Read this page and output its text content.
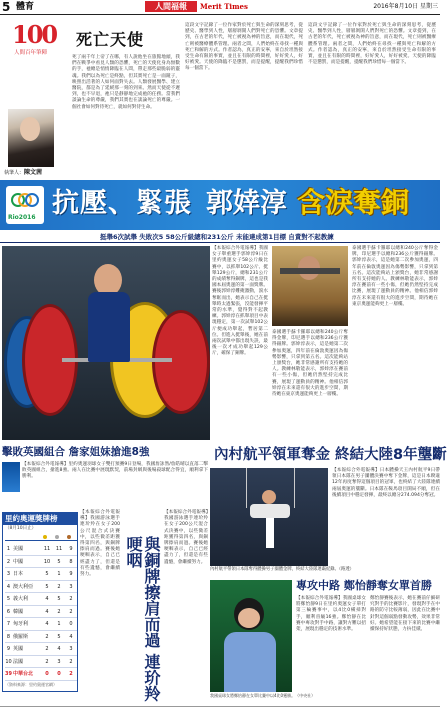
5 體育	人間福報	Merit Times	2016年8月10日 星期三
100
人間百年筆陣
死亡天使
執筆人：陳文茜
死了兩千年上帝了在哪，有人說他坐在旅館地頭，我們在戰爭中看見人類的恐懼，死亡的天使化身為無數的手，祂總是悄悄降臨在人間，帶走那些最脆弱的靈魂。我們以為死亡是終點，但其實死亡是一面鏡子，映照出活著的人如何面對失去。人類發展醫學、建立醫院，都是為了延緩那一刻的到來。然而天使從不遲到，也不早退，祂只是靜靜地完成祂的任務。當我們談論生命的尊嚴，我們其實也在談論死亡的尊嚴。一個社會如何對待死亡，就如何對待生命。
這段文字記錄了一位作家對於死亡與生命的深刻思考，從歷史、醫學到人性，層層剝開人們對死亡的恐懼。文章提到，在古老的年代，死亡被視為神的旨意，而在現代，死亡則被醫療體系管理。兩者之間，人們始終在尋找一種與死亡和解的方式。作者認為，真正的安寧，來自於坦然接受生命有限的事實，並且在有限的時間裡，好好愛人，好好被愛。天使的降臨不是懲罰，而是提醒，提醒我們珍惜每一個當下。
這段文字記錄了一位作家對於死亡與生命的深刻思考，從歷史、醫學到人性，層層剝開人們對死亡的恐懼。文章提到，在古老的年代，死亡被視為神的旨意，而在現代，死亡則被醫療體系管理。兩者之間，人們始終在尋找一種與死亡和解的方式。作者認為，真正的安寧，來自於坦然接受生命有限的事實，並且在有限的時間裡，好好愛人，好好被愛。天使的降臨不是懲罰，而是提醒，提醒我們珍惜每一個當下。
Rio2016 抗壓、緊張 郭婞淳 含淚奪銅
挺舉6次試舉 失敗次5 58公斤級總和231公斤 未能達成第1目標 自責對不起教練
【本報綜合外電報導】我國女子舉重選手郭婞淳9日在里約奧運女子58公斤級比賽中，以抓舉102公斤、挺舉129公斤，總和231公斤的成績奪得銅牌，這也是我國本屆奧運的第一面獎牌。賽後郭婞淳難掩激動，淚水奪眶而出，她表示自己在挺舉時太過緊張，沒能發揮平常的水準，覺得對不起教練。郭婞淳在抓舉項目中表現穩定，第一次試舉102公斤便成功舉起，暫居第二位。但進入挺舉後，她在前兩次試舉中都出現失誤，最後一次才成功舉起129公斤，確保了銅牌。
泰國選手蘇卡羅耶以總和240公斤奪得金牌，印尼選手以總和236公斤獲得銀牌。郭婞淳表示，這是她第二次參加奧運，四年前在倫敦奧運因為傷勢影響，只拿到第五名。這次能夠站上頒獎台，她非常感謝所有支持她的人。教練林敬能表示，郭婞淳在賽前有一些小傷，但她仍然堅持完成比賽，展現了運動員的精神。他相信郭婞淳在未來還有很大的進步空間，期待她在東京奧運能夠更上一層樓。
泰國選手蘇卡羅耶以總和240公斤奪得金牌，印尼選手以總和236公斤獲得銀牌。郭婞淳表示，這是她第二次參加奧運，四年前在倫敦奧運因為傷勢影響，只拿到第五名。這次能夠站上頒獎台，她非常感謝所有支持她的人。教練林敬能表示，郭婞淳在賽前有一些小傷，但她仍然堅持完成比賽，展現了運動員的精神。他相信郭婞淳在未來還有很大的進步空間，期待她在東京奧運能夠更上一層樓。
內村航平領軍奪金 終結大陸8年壟斷
擊敗英國組合 詹家姐妹搶進8強
【本報綜合外電報導】里約奧運羽球女子雙打預賽9日登場，我國詹詠然/詹皓晴以直落二擊敗英國組合，搶進8強。兩人在比賽中展現默契，前場封網與後場殺球配合得宜，順利拿下勝利。
里約奧運獎牌榜
（8月10日止）
1 美國	11	11	9
2 中國	10	5	8
3 日本	5	1	9
4 澳大利亞	5	2	3
5 義大利	4	5	2
6 韓國	4	2	2
7 匈牙利	4	1	0
8 俄羅斯	2	5	4
9 英國	2	4	3
10 法國	2	3	2
39 中華台北	0	0	2
（資料來源：里約奧運官網）
【本報綜合外電報導】我國游泳選手連玠羚在女子200公尺混合式決賽中，以些微差距獲得第四名，與銅牌擦肩而過。賽後她哽咽表示，自己已經盡力了，但還是有些遺憾，會繼續努力。	與銅牌擦肩而過 連玠羚哽咽
【本報綜合外電報導】我國游泳選手連玠羚在女子200公尺混合式決賽中，以些微差距獲得第四名，與銅牌擦肩而過。賽後她哽咽表示，自己已經盡力了，但還是有些遺憾，會繼續努力。
內村航平帶領日本隊奪得體操男子團體金牌，終結大陸隊連霸紀錄。（路透）
【本報綜合外電報導】日本體操天王內村航平9日帶領日本隊在男子團體決賽中奪下金牌，這是日本睽違12年再度奪得這個項目的冠軍，也終結了大陸隊連續兩屆奧運的壟斷。日本隊在鞍馬項目開局不順，但在後續項目中穩定發揮，最終以總分274.094分奪冠。
我國桌球女將鄭怡靜在女單比賽中以4比0獲勝。（中央社）
專攻中路 鄭怡靜奪女單首勝
【本報綜合外電報導】我國桌球女將鄭怡靜9日在里約奧運女子單打第三輪賽事中，以4比0橫掃對手，順利晉級16強。鄭怡靜在比賽中專攻對手中路，讓對方難以招架，展現出穩定的技術水準。
鄭怡靜賽後表示，她在賽前仔細研究對手的比賽影片，發現對手在中路的防守比較薄弱，因此在比賽中針對這個弱點發動攻勢，效果非常好。她希望能在接下來的比賽中繼續保持好狀態，力拚佳績。
